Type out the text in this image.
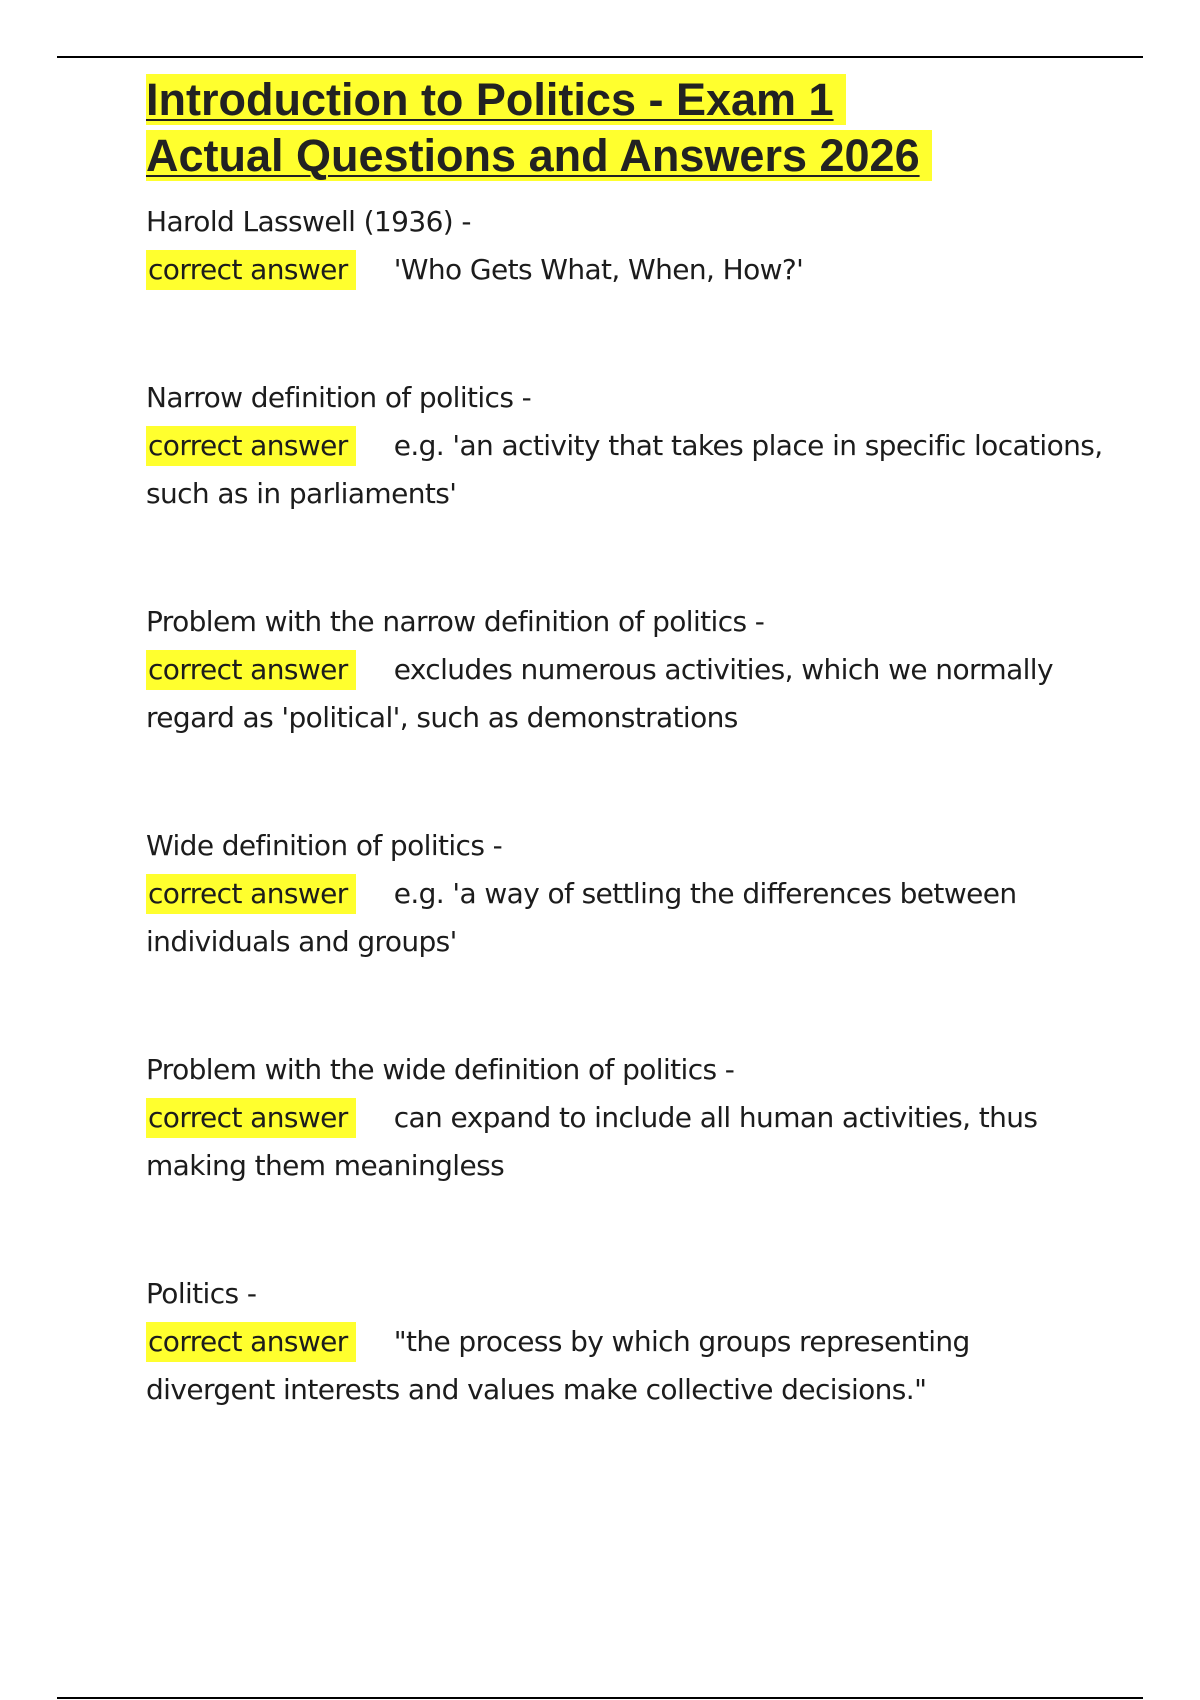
Introduction to Politics - Exam 1
Actual Questions and Answers 2026

Harold Lasswell (1936) -
correct answer 'Who Gets What, When, How?'

Narrow definition of politics -
correct answer e.g. 'an activity that takes place in specific locations, such as in parliaments'

Problem with the narrow definition of politics -
correct answer excludes numerous activities, which we normally regard as 'political', such as demonstrations

Wide definition of politics -
correct answer e.g. 'a way of settling the differences between individuals and groups'

Problem with the wide definition of politics -
correct answer can expand to include all human activities, thus making them meaningless

Politics -
correct answer "the process by which groups representing divergent interests and values make collective decisions."
